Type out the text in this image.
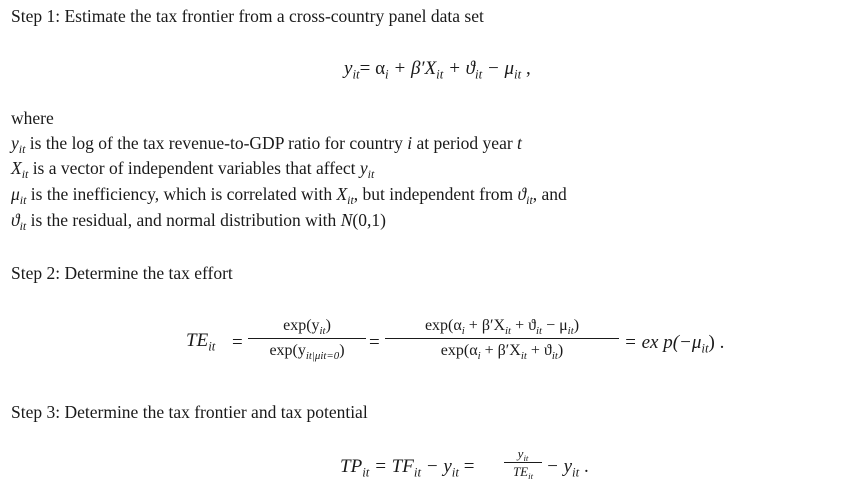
Step 1: Estimate the tax frontier from a cross-country panel data set
$y_{it}= \alpha_i + \beta'X_{it} + ϑ_{it} - \mu_{it}$ ,
where
$y_{it}$ is the log of the tax revenue-to-GDP ratio for country i at period year t
$X_{it}$ is a vector of independent variables that affect $y_{it}$
$\mu_{it}$ is the inefficiency, which is correlated with $X_{it}$, but independent from $ϑ_{it}$, and
$ϑ_{it}$ is the residual, and normal distribution with N(0,1)
Step 2: Determine the tax effort
$TE_{it}$ =
$\exp(y_{it})$
$\exp(y_{it|\mu it=0})$	=
$\exp(\alpha_i + \beta'X_{it} + ϑ_{it} - \mu_{it})$
$\exp(\alpha_i + \beta'X_{it} + ϑ_{it})$	= ex $p(-\mu_{it})$ .
Step 3: Determine the tax frontier and tax potential
$TP_{it} = TF_{it} - y_{it}$ =
$y_{it}$
$TE_{it} - y_{it}$ .
